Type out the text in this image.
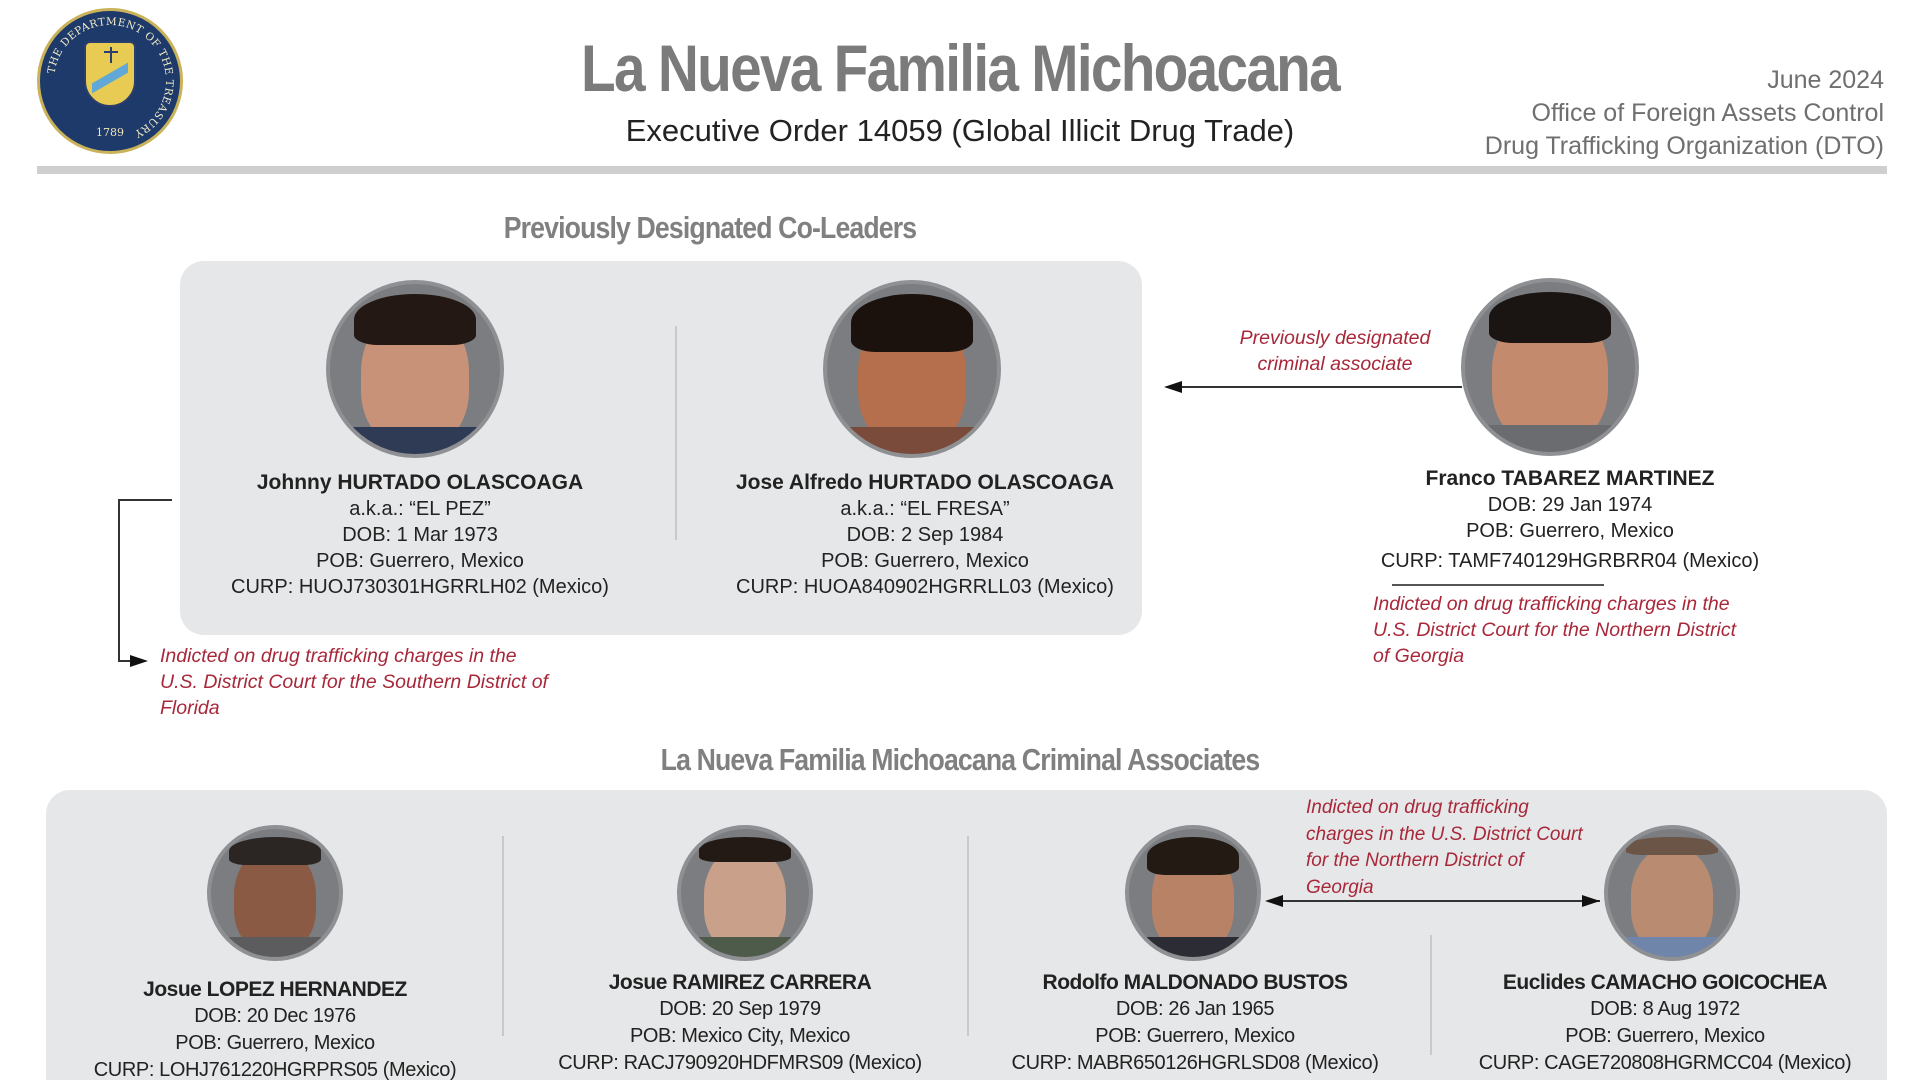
THE DEPARTMENT OF THE TREASURY
1789
La Nueva Familia Michoacana
Executive Order 14059 (Global Illicit Drug Trade)
June 2024
Office of Foreign Assets Control
Drug Trafficking Organization (DTO)
Previously Designated Co-Leaders
Johnny HURTADO OLASCOAGA
a.k.a.: “EL PEZ”
DOB: 1 Mar 1973
POB: Guerrero, Mexico
CURP: HUOJ730301HGRRLH02 (Mexico)
Jose Alfredo HURTADO OLASCOAGA
a.k.a.: “EL FRESA”
DOB: 2 Sep 1984
POB: Guerrero, Mexico
CURP: HUOA840902HGRRLL03 (Mexico)
Indicted on drug trafficking charges in the
U.S. District Court for the Southern District of
Florida
Previously designated
criminal associate
Franco TABAREZ MARTINEZ
DOB: 29 Jan 1974
POB: Guerrero, Mexico
CURP: TAMF740129HGRBRR04 (Mexico)
Indicted on drug trafficking charges in the
U.S. District Court for the Northern District
of Georgia
La Nueva Familia Michoacana Criminal Associates
Josue LOPEZ HERNANDEZ
DOB: 20 Dec 1976
POB: Guerrero, Mexico
CURP: LOHJ761220HGRPRS05 (Mexico)
Josue RAMIREZ CARRERA
DOB: 20 Sep 1979
POB: Mexico City, Mexico
CURP: RACJ790920HDFMRS09 (Mexico)
Rodolfo MALDONADO BUSTOS
DOB: 26 Jan 1965
POB: Guerrero, Mexico
CURP: MABR650126HGRLSD08 (Mexico)
Euclides CAMACHO GOICOCHEA
DOB: 8 Aug 1972
POB: Guerrero, Mexico
CURP: CAGE720808HGRMCC04 (Mexico)
Indicted on drug trafficking
charges in the U.S. District Court
for the Northern District of
Georgia
